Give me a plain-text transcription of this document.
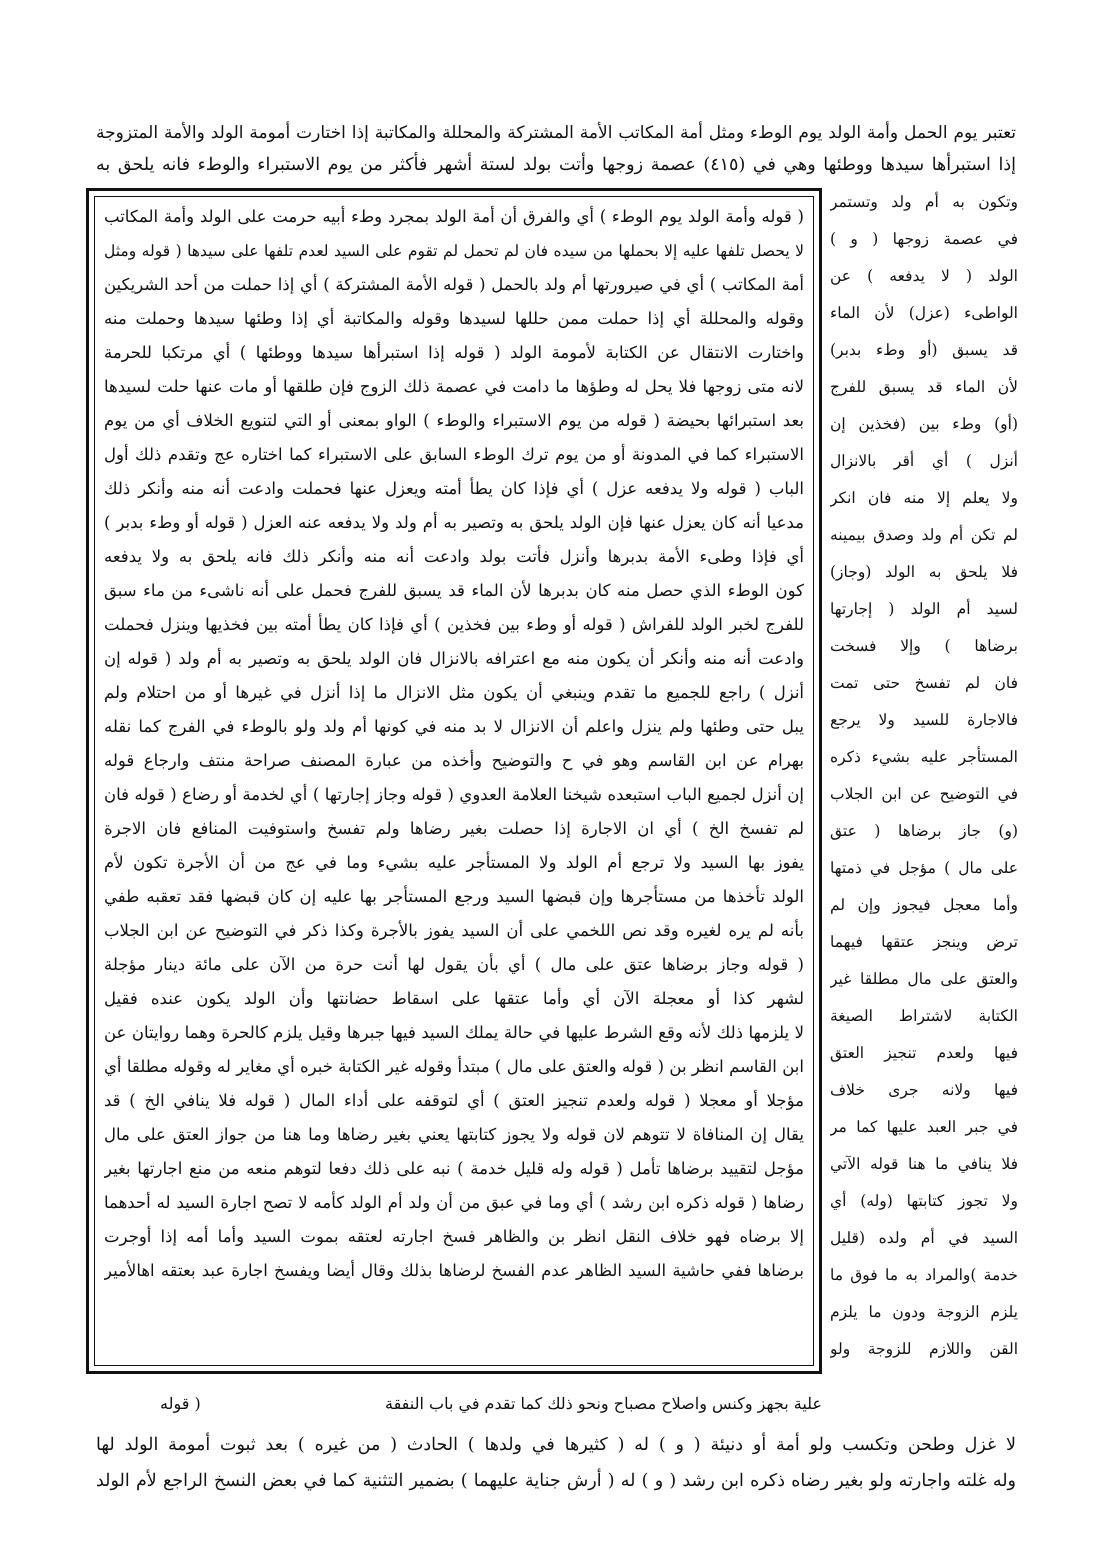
تعتبر يوم الحمل وأمة الولد يوم الوطء ومثل أمة المكاتب الأمة المشتركة والمحللة والمكاتبة إذا اختارت أمومة الولد والأمة المتزوجة
إذا استبرأها سيدها ووطئها وهي في (٤١٥) عصمة زوجها وأتت بولد لستة أشهر فأكثر من يوم الاستبراء والوطء فانه يلحق به
( قوله وأمة الولد يوم الوطء ) أي والفرق أن أمة الولد بمجرد وطء أبيه حرمت على الولد وأمة المكاتب
لا يحصل تلفها عليه إلا بحملها من سيده فان لم تحمل لم تقوم على السيد لعدم تلفها على سيدها ( قوله ومثل
أمة المكاتب ) أي في صيرورتها أم ولد بالحمل ( قوله الأمة المشتركة ) أي إذا حملت من أحد الشريكين
وقوله والمحللة أي إذا حملت ممن حللها لسيدها وقوله والمكاتبة أي إذا وطئها سيدها وحملت منه
واختارت الانتقال عن الكتابة لأمومة الولد ( قوله إذا استبرأها سيدها ووطئها ) أي مرتكبا للحرمة
لانه متى زوجها فلا يحل له وطؤها ما دامت في عصمة ذلك الزوج فإن طلقها أو مات عنها حلت لسيدها
بعد استبرائها بحيضة ( قوله من يوم الاستبراء والوطء ) الواو بمعنى أو التي لتنويع الخلاف أي من يوم
الاستبراء كما في المدونة أو من يوم ترك الوطء السابق على الاستبراء كما اختاره عج وتقدم ذلك أول
الباب ( قوله ولا يدفعه عزل ) أي فإذا كان يطأ أمته ويعزل عنها فحملت وادعت أنه منه وأنكر ذلك
مدعيا أنه كان يعزل عنها فإن الولد يلحق به وتصير به أم ولد ولا يدفعه عنه العزل ( قوله أو وطء بدبر )
أي فإذا وطىء الأمة بدبرها وأنزل فأتت بولد وادعت أنه منه وأنكر ذلك فانه يلحق به ولا يدفعه
كون الوطء الذي حصل منه كان بدبرها لأن الماء قد يسبق للفرج فحمل على أنه ناشىء من ماء سبق
للفرج لخبر الولد للفراش ( قوله أو وطء بين فخذين ) أي فإذا كان يطأ أمته بين فخذيها وينزل فحملت
وادعت أنه منه وأنكر أن يكون منه مع اعترافه بالانزال فان الولد يلحق به وتصير به أم ولد ( قوله إن
أنزل ) راجع للجميع ما تقدم وينبغي أن يكون مثل الانزال ما إذا أنزل في غيرها أو من احتلام ولم
يبل حتى وطئها ولم ينزل واعلم أن الانزال لا بد منه في كونها أم ولد ولو بالوطء في الفرج كما نقله
بهرام عن ابن القاسم وهو في ح والتوضيح وأخذه من عبارة المصنف صراحة منتف وارجاع قوله
إن أنزل لجميع الباب استبعده شيخنا العلامة العدوي ( قوله وجاز إجارتها ) أي لخدمة أو رضاع ( قوله فان
لم تفسخ الخ ) أي ان الاجارة إذا حصلت بغير رضاها ولم تفسخ واستوفيت المنافع فان الاجرة
يفوز بها السيد ولا ترجع أم الولد ولا المستأجر عليه بشيء وما في عج من أن الأجرة تكون لأم
الولد تأخذها من مستأجرها وإن قبضها السيد ورجع المستأجر بها عليه إن كان قبضها فقد تعقبه طفي
بأنه لم يره لغيره وقد نص اللخمي على أن السيد يفوز بالأجرة وكذا ذكر في التوضيح عن ابن الجلاب
( قوله وجاز برضاها عتق على مال ) أي بأن يقول لها أنت حرة من الآن على مائة دينار مؤجلة
لشهر كذا أو معجلة الآن أي وأما عتقها على اسقاط حضانتها وأن الولد يكون عنده فقيل
لا يلزمها ذلك لأنه وقع الشرط عليها في حالة يملك السيد فيها جبرها وقيل يلزم كالحرة وهما روايتان عن
ابن القاسم انظر بن ( قوله والعتق على مال ) مبتدأ وقوله غير الكتابة خبره أي مغاير له وقوله مطلقا أي
مؤجلا أو معجلا ( قوله ولعدم تنجيز العتق ) أي لتوقفه على أداء المال ( قوله فلا ينافي الخ ) قد
يقال إن المنافاة لا تتوهم لان قوله ولا يجوز كتابتها يعني بغير رضاها وما هنا من جواز العتق على مال
مؤجل لتقييد برضاها تأمل ( قوله وله قليل خدمة ) نبه على ذلك دفعا لتوهم منعه من منع اجارتها بغير
رضاها ( قوله ذكره ابن رشد ) أي وما في عبق من أن ولد أم الولد كأمه لا تصح اجارة السيد له أحدهما
إلا برضاه فهو خلاف النقل انظر بن والظاهر فسخ اجارته لعتقه بموت السيد وأما أمه إذا أوجرت
برضاها ففي حاشية السيد الظاهر عدم الفسخ لرضاها بذلك وقال أيضا ويفسخ اجارة عبد بعتقه اهالأمير
وتكون به أم ولد وتستمر
في عصمة زوجها ( و )
الولد ( لا يدفعه ) عن
الواطىء (عزل) لأن الماء
قد يسبق (أو وطء بدبر)
لأن الماء قد يسبق للفرج
(أو) وطء بين (فخذين إن
أنزل ) أي أقر بالانزال
ولا يعلم إلا منه فان انكر
لم تكن أم ولد وصدق بيمينه
فلا يلحق به الولد (وجاز)
لسيد أم الولد ( إجارتها
برضاها ) وإلا فسخت
فان لم تفسخ حتى تمت
فالاجارة للسيد ولا يرجع
المستأجر عليه بشيء ذكره
في التوضيح عن ابن الجلاب
(و) جاز برضاها ( عتق
على مال ) مؤجل في ذمتها
وأما معجل فيجوز وإن لم
ترض وينجز عتقها فيهما
والعتق على مال مطلقا غير
الكتابة لاشتراط الصيغة
فيها ولعدم تنجيز العتق
فيها ولانه جرى خلاف
في جبر العبد عليها كما مر
فلا ينافي ما هنا قوله الآتي
ولا تجوز كتابتها (وله) أي
السيد في أم ولده (قليل
خدمة )والمراد به ما فوق ما
يلزم الزوجة ودون ما يلزم
القن واللازم للزوجة ولو
علية بجهز وكنس واصلاح مصباح ونحو ذلك كما تقدم في باب النفقة
( قوله
لا غزل وطحن وتكسب ولو أمة أو دنيئة ( و ) له ( كثيرها في ولدها ) الحادث ( من غيره ) بعد ثبوت أمومة الولد لها
وله غلته واجارته ولو بغير رضاه ذكره ابن رشد ( و ) له ( أرش جناية عليهما ) بضمير التثنية كما في بعض النسخ الراجع لأم الولد
